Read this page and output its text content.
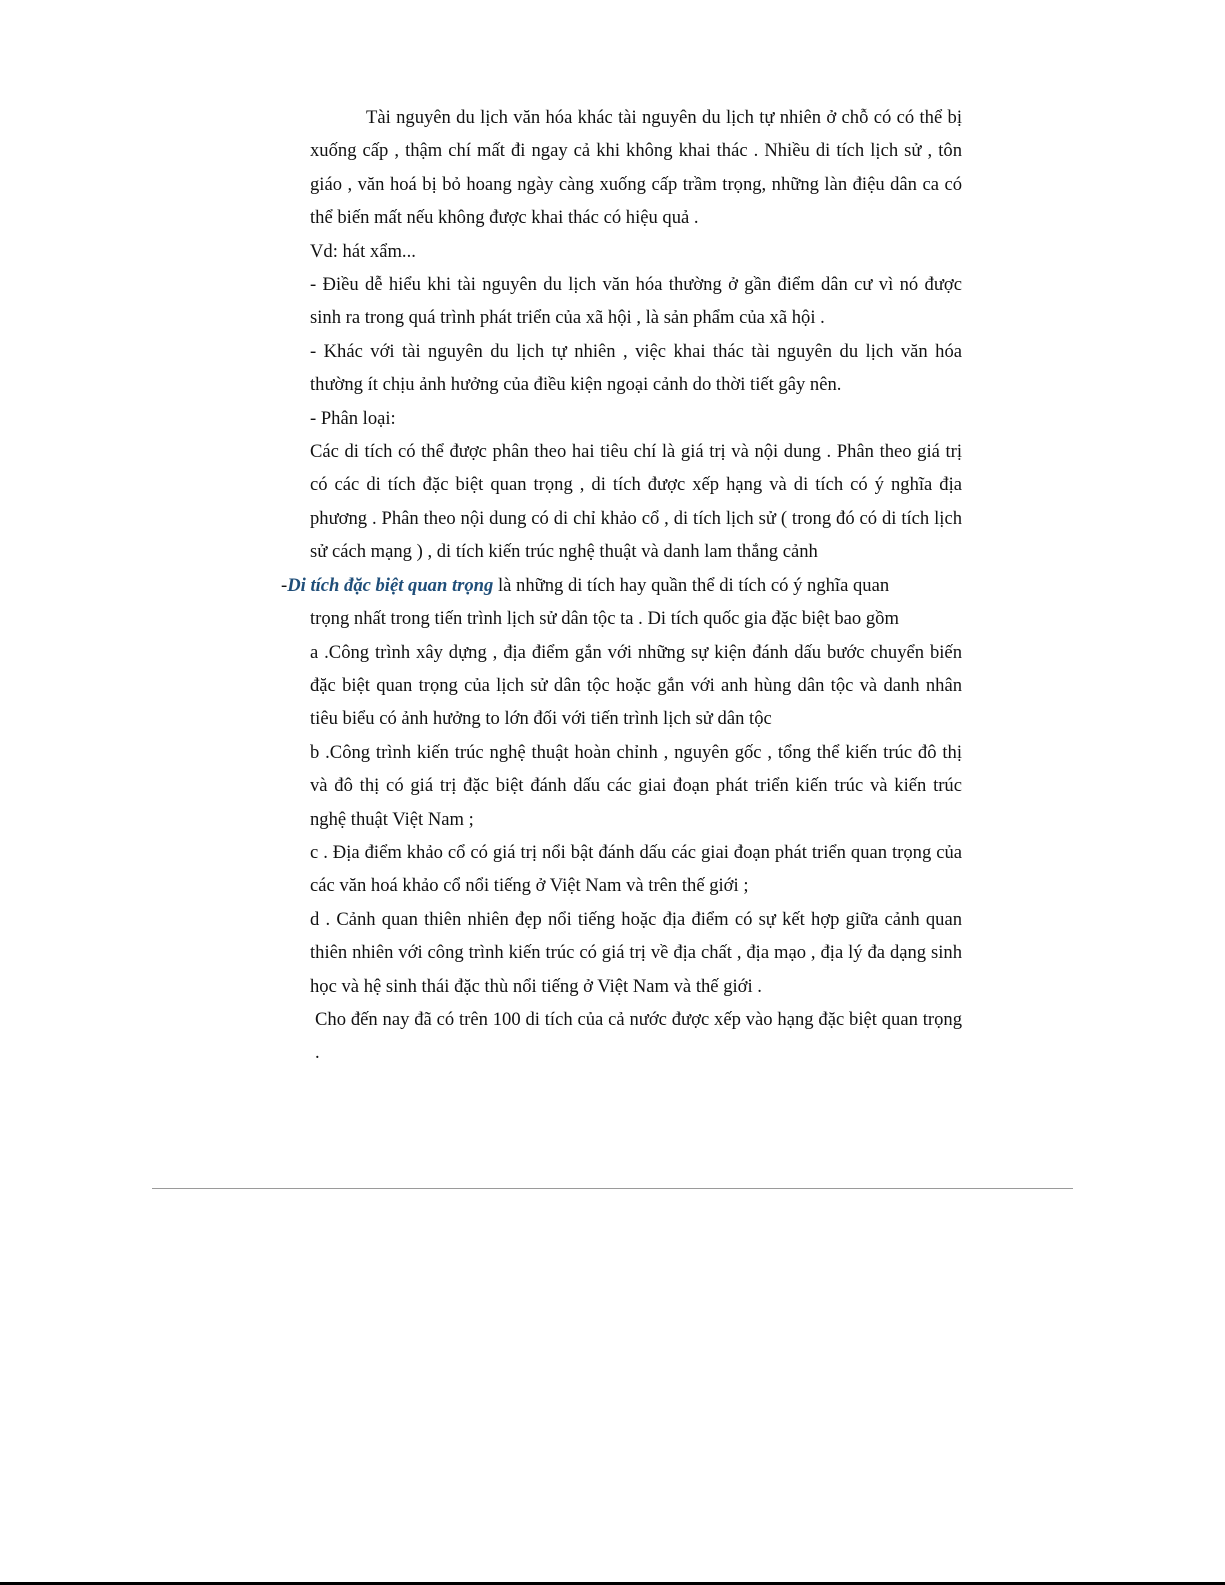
Tài nguyên du lịch văn hóa khác tài nguyên du lịch tự nhiên ở chỗ có có thể bị xuống cấp , thậm chí mất đi ngay cả khi không khai thác . Nhiều di tích lịch sử , tôn giáo , văn hoá bị bỏ hoang ngày càng xuống cấp trầm trọng, những làn điệu dân ca có thể biến mất nếu không được khai thác có hiệu quả .

Vd: hát xẩm...

- Điều dễ hiểu khi tài nguyên du lịch văn hóa thường ở gần điểm dân cư vì nó được sinh ra trong quá trình phát triển của xã hội , là sản phẩm của xã hội .

- Khác với tài nguyên du lịch tự nhiên , việc khai thác tài nguyên du lịch văn hóa thường ít chịu ảnh hưởng của điều kiện ngoại cảnh do thời tiết gây nên.

- Phân loại:

Các di tích có thể được phân theo hai tiêu chí là giá trị và nội dung . Phân theo giá trị có các di tích đặc biệt quan trọng , di tích được xếp hạng và di tích có ý nghĩa địa phương . Phân theo nội dung có di chỉ khảo cổ , di tích lịch sử ( trong đó có di tích lịch sử cách mạng ) , di tích kiến trúc nghệ thuật và danh lam thắng cảnh

-Di tích đặc biệt quan trọng là những di tích hay quần thể di tích có ý nghĩa quan

trọng nhất trong tiến trình lịch sử dân tộc ta . Di tích quốc gia đặc biệt bao gồm

a .Công trình xây dựng , địa điểm gắn với những sự kiện đánh dấu bước chuyển biến đặc biệt quan trọng của lịch sử dân tộc hoặc gắn với anh hùng dân tộc và danh nhân tiêu biểu có ảnh hưởng to lớn đối với tiến trình lịch sử dân tộc

b .Công trình kiến trúc nghệ thuật hoàn chỉnh , nguyên gốc , tổng thể kiến trúc đô thị và đô thị có giá trị đặc biệt đánh dấu các giai đoạn phát triển kiến trúc và kiến trúc nghệ thuật Việt Nam ;

c . Địa điểm khảo cổ có giá trị nổi bật đánh dấu các giai đoạn phát triển quan trọng của các văn hoá khảo cổ nổi tiếng ở Việt Nam và trên thế giới ;

d . Cảnh quan thiên nhiên đẹp nổi tiếng hoặc địa điểm có sự kết hợp giữa cảnh quan thiên nhiên với công trình kiến trúc có giá trị về địa chất , địa mạo , địa lý đa dạng sinh học và hệ sinh thái đặc thù nổi tiếng ở Việt Nam và thế giới .

Cho đến nay đã có trên 100 di tích của cả nước được xếp vào hạng đặc biệt quan trọng .
